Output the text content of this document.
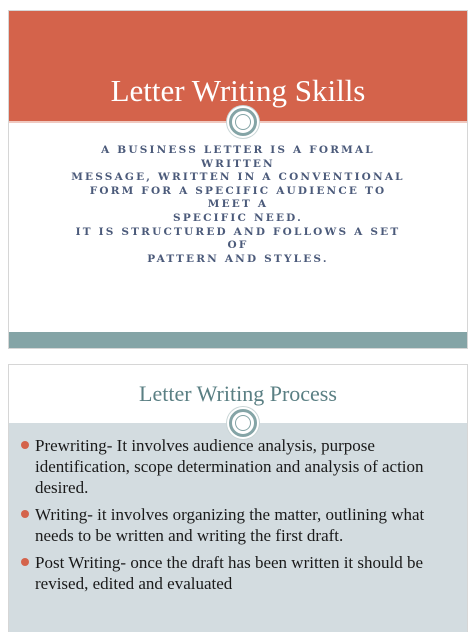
Letter Writing Skills
A BUSINESS LETTER IS A FORMAL WRITTEN
MESSAGE, WRITTEN IN A CONVENTIONAL
FORM FOR A SPECIFIC AUDIENCE TO MEET A
SPECIFIC NEED.
IT IS STRUCTURED AND FOLLOWS A SET OF
PATTERN AND STYLES.
Letter Writing Process
Prewriting- It involves audience analysis, purpose identification, scope determination and analysis of action desired.
Writing- it involves organizing the matter, outlining what needs to be written and writing the first draft.
Post Writing- once the draft has been written it should be revised, edited and evaluated
